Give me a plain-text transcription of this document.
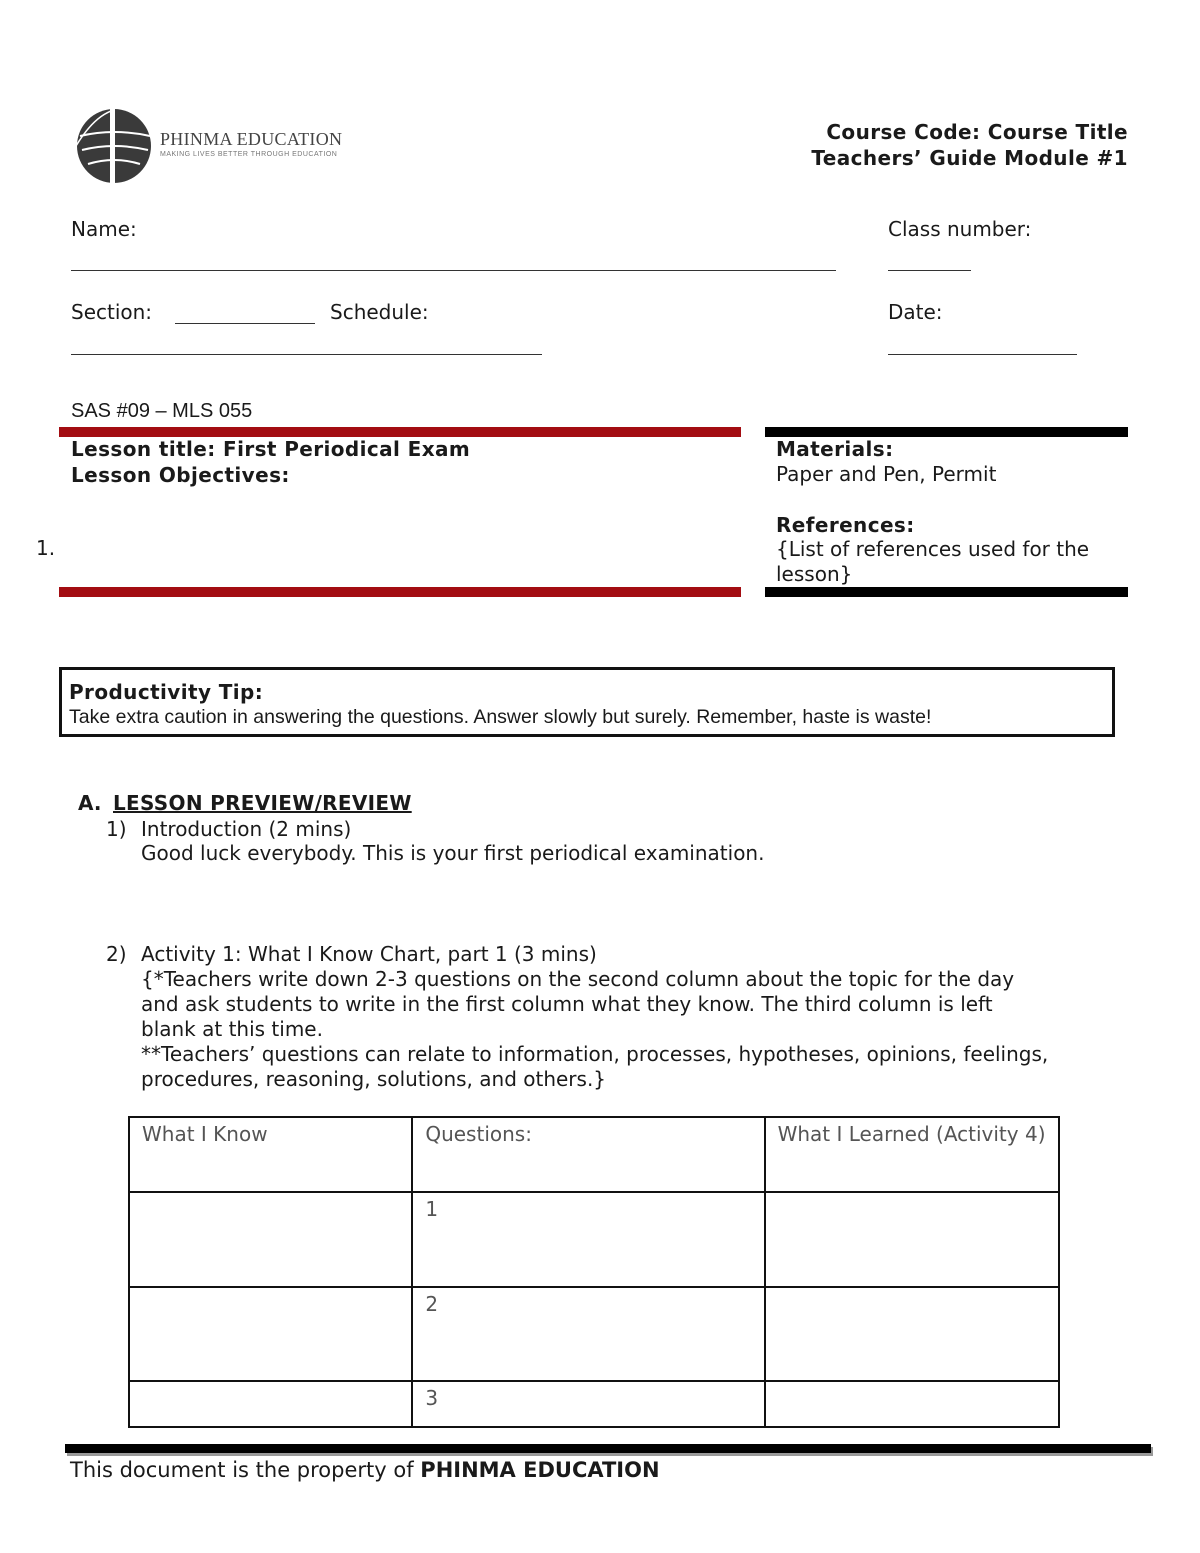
PHINMA EDUCATION
MAKING LIVES BETTER THROUGH EDUCATION
Course Code: Course Title
Teachers’ Guide Module #1
Name:	Class number:
Section:	Schedule:	Date:
SAS #09 – MLS 055
Lesson title: First Periodical Exam
Lesson Objectives:
1.
Materials:
Paper and Pen, Permit
References:
{List of references used for the
lesson}
Productivity Tip:
Take extra caution in answering the questions. Answer slowly but surely. Remember, haste is waste!
A. LESSON PREVIEW/REVIEW
1) Introduction (2 mins)
Good luck everybody. This is your first periodical examination.
2) Activity 1: What I Know Chart, part 1 (3 mins)
{*Teachers write down 2-3 questions on the second column about the topic for the day
and ask students to write in the first column what they know. The third column is left
blank at this time.
**Teachers’ questions can relate to information, processes, hypotheses, opinions, feelings,
procedures, reasoning, solutions, and others.}
What I Know	Questions:	What I Learned (Activity 4)
	1	
	2	
	3	
This document is the property of PHINMA EDUCATION
